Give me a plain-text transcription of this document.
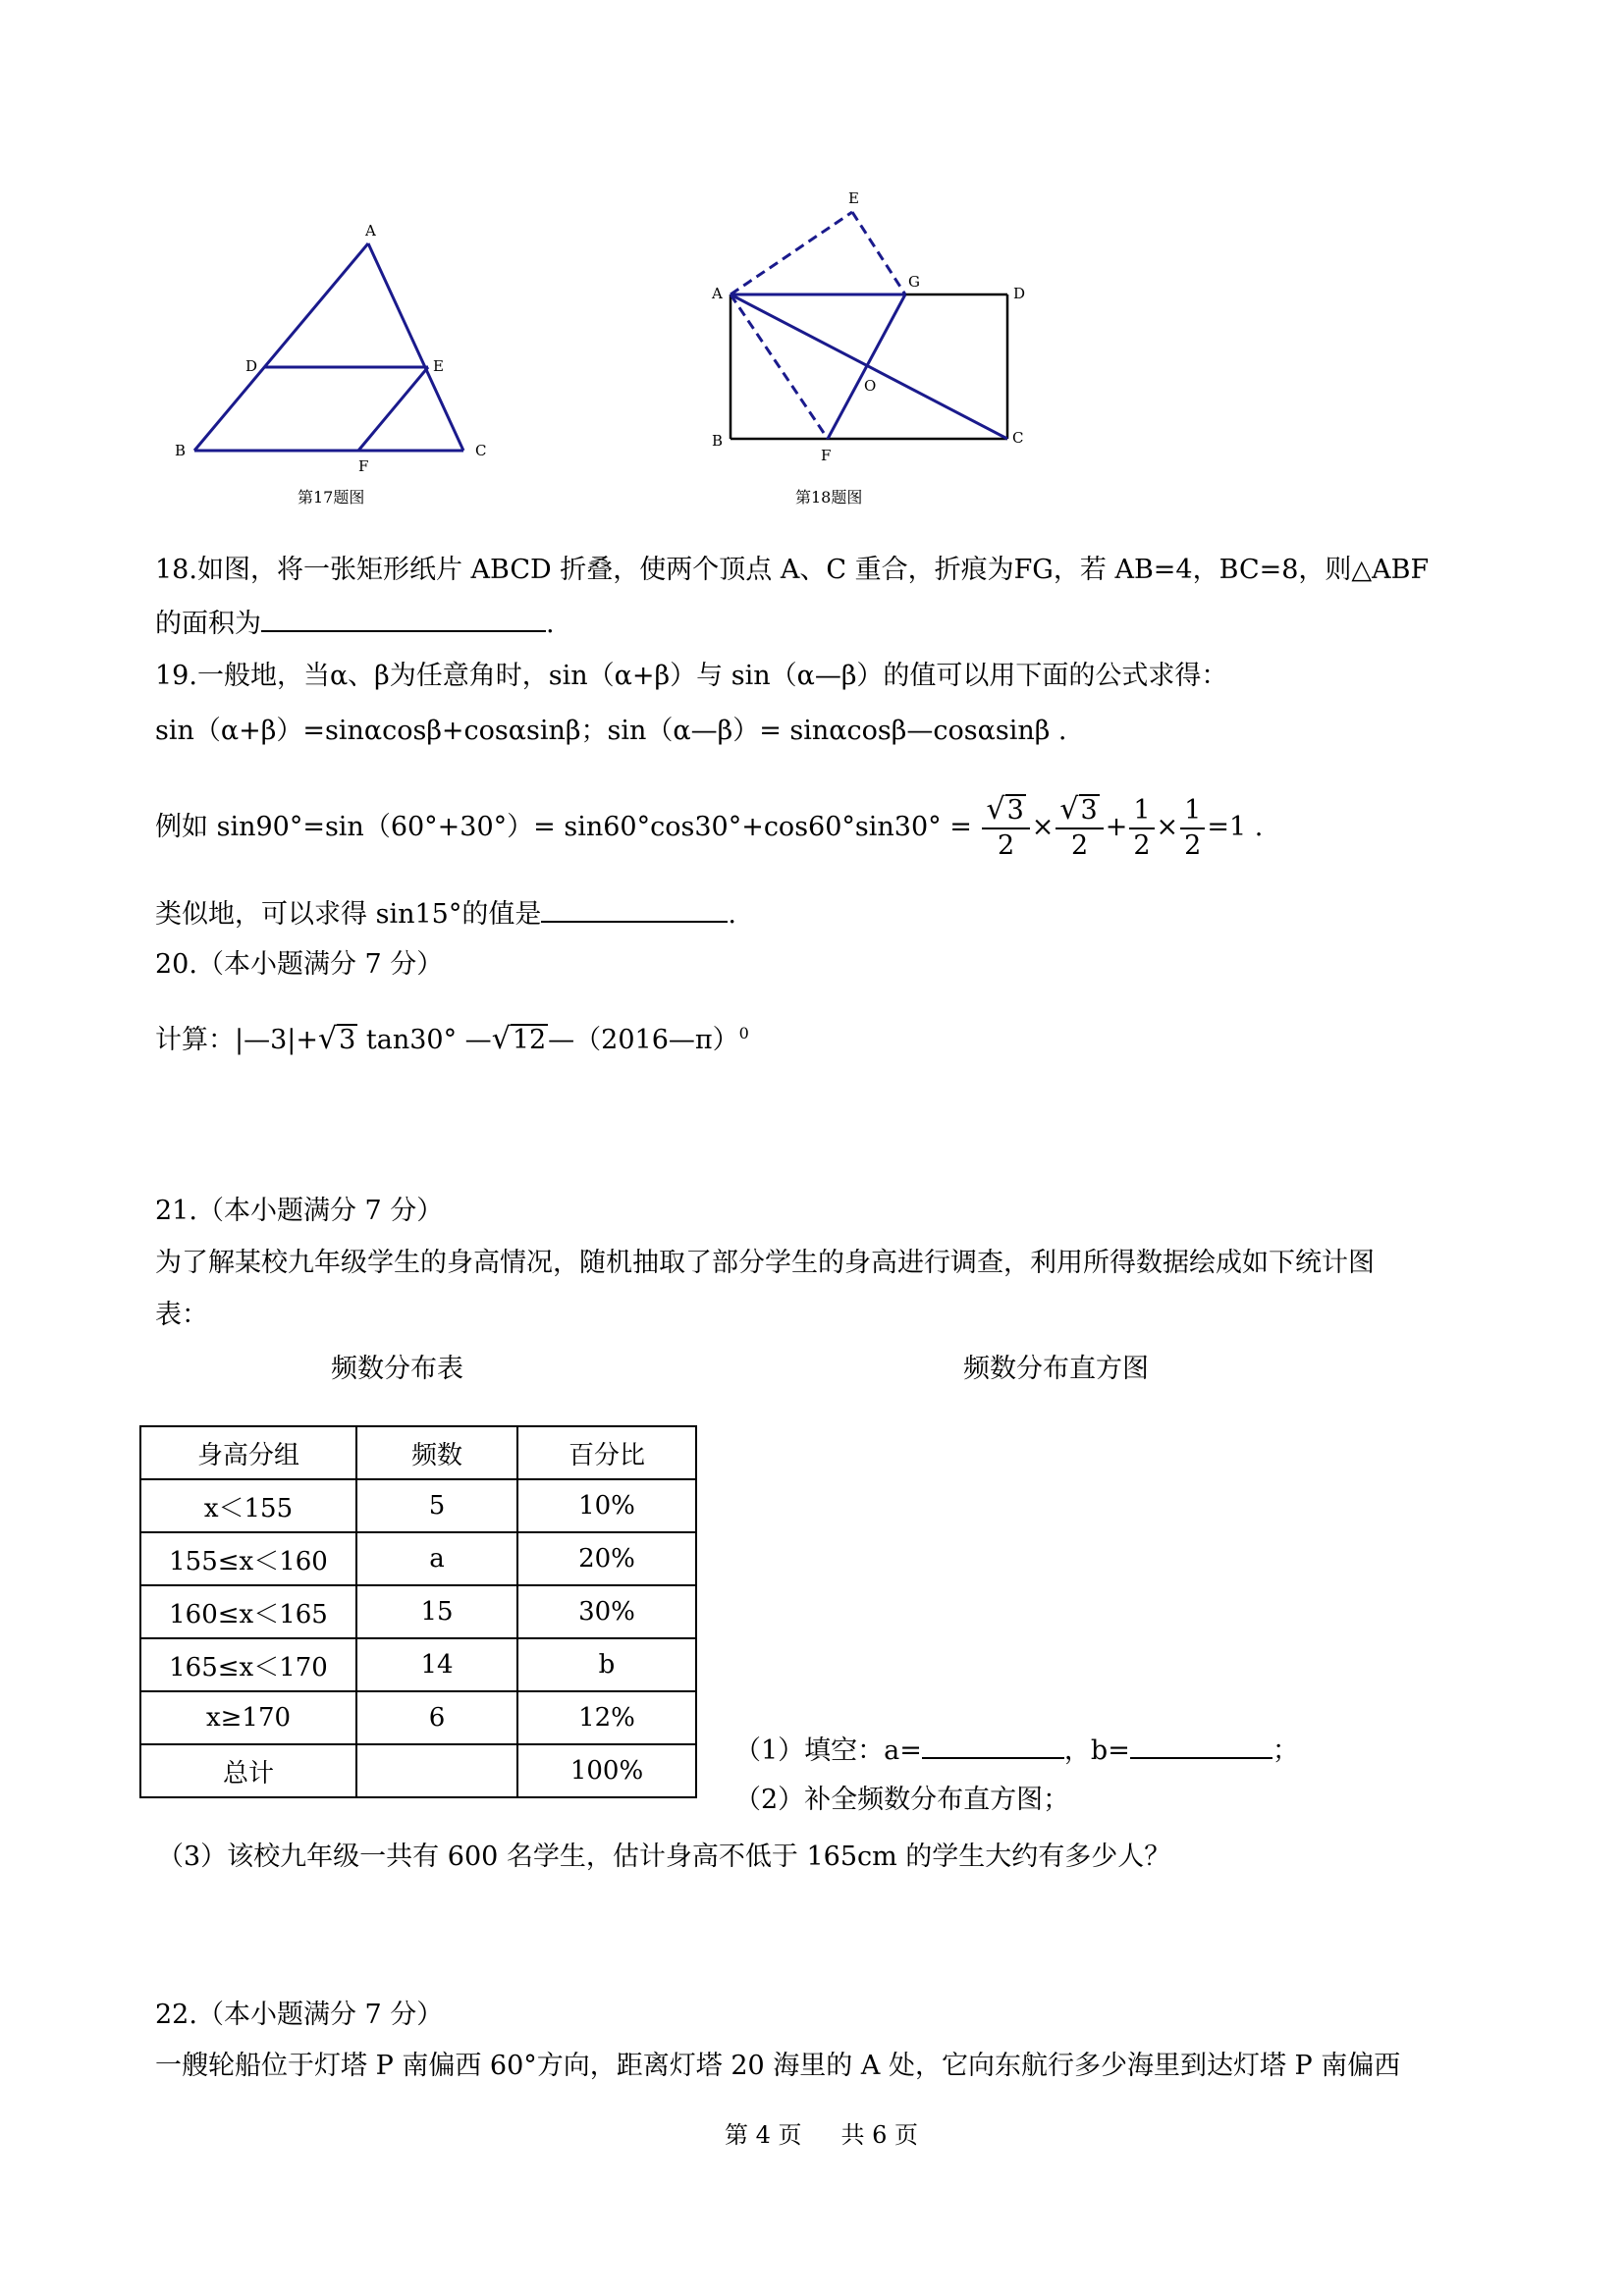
A
B	C
D	E
F
第17题图
E
A
G
D
O
B	C
F
第18题图
18.如图，将一张矩形纸片 ABCD 折叠，使两个顶点 A、C 重合，折痕为FG，若 AB=4，BC=8，则△ABF
的面积为	.
19.一般地，当α、β为任意角时，sin（α+β）与 sin（α—β）的值可以用下面的公式求得：
sin（α+β）=sinαcosβ+cosαsinβ；sin（α—β）= sinαcosβ—cosαsinβ .
例如 $\sin 90^\circ=\sin(60^\circ+30^\circ)= \sin 60^\circ\cos 30^\circ+\cos 60^\circ\sin 30^\circ = \frac{√3}{2} \times \frac{√3}{2} + \frac{1}{2} \times \frac{1}{2} =1$ .
类似地，可以求得 sin15°的值是	.
20.（本小题满分 7 分）
计算：|—3|+√3 tan30° —√12—（2016—π）$^0$
21.（本小题满分 7 分）
为了解某校九年级学生的身高情况，随机抽取了部分学生的身高进行调查，利用所得数据绘成如下统计图
表：
频数分布表	频数分布直方图
身高分组	频数	百分比
x＜155	5	10%
155≤x＜160	a	20%
160≤x＜165	15	30%
165≤x＜170	14	b
x≥170	6	12%
总计		100%
（1）填空：a=	，b=	；
（2）补全频数分布直方图；
（3）该校九年级一共有 600 名学生，估计身高不低于 165cm 的学生大约有多少人？
22.（本小题满分 7 分）
一艘轮船位于灯塔 P 南偏西 60°方向，距离灯塔 20 海里的 A 处，它向东航行多少海里到达灯塔 P 南偏西
第 4 页 共 6 页
